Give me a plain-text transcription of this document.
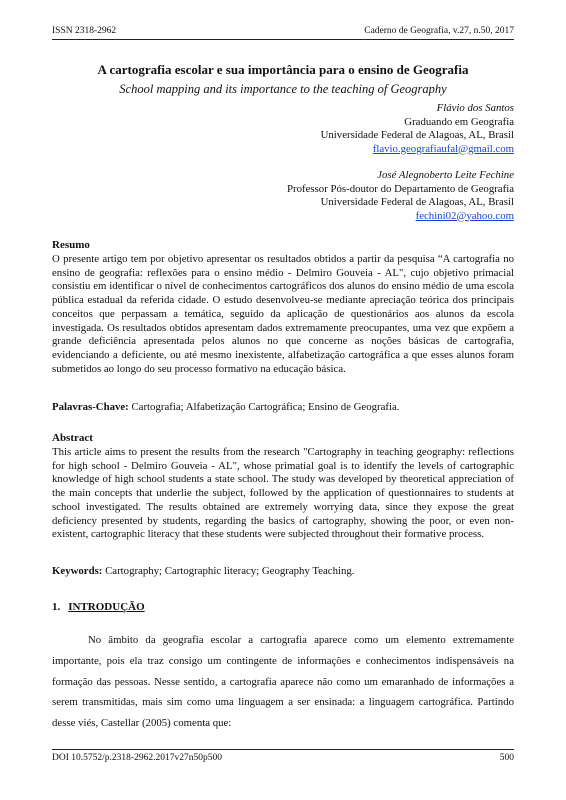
ISSN 2318-2962	Caderno de Geografia, v.27, n.50, 2017
A cartografia escolar e sua importância para o ensino de Geografia
School mapping and its importance to the teaching of Geography
Flávio dos Santos
Graduando em Geografia
Universidade Federal de Alagoas, AL, Brasil
flavio.geografiaufal@gmail.com
José Alegnoberto Leite Fechine
Professor Pós-doutor do Departamento de Geografia
Universidade Federal de Alagoas, AL, Brasil
fechini02@yahoo.com
Resumo

O presente artigo tem por objetivo apresentar os resultados obtidos a partir da pesquisa “A cartografia no ensino de geografia: reflexões para o ensino médio - Delmiro Gouveia - AL", cujo objetivo primacial consistiu em identificar o nível de conhecimentos cartográficos dos alunos do ensino médio de uma escola pública estadual da referida cidade. O estudo desenvolveu-se mediante apreciação teórica dos principais conceitos que perpassam a temática, seguido da aplicação de questionários aos alunos da escola investigada. Os resultados obtidos apresentam dados extremamente preocupantes, uma vez que expõem a grande deficiência apresentada pelos alunos no que concerne as noções básicas de cartografia, evidenciando a deficiente, ou até mesmo inexistente, alfabetização cartográfica a que esses alunos foram submetidos ao longo do seu processo formativo na educação básica.

Palavras-Chave: Cartografia; Alfabetização Cartográfica; Ensino de Geografia.
Abstract

This article aims to present the results from the research "Cartography in teaching geography: reflections for high school - Delmiro Gouveia - AL", whose primatial goal is to identify the levels of cartographic knowledge of high school students a state school. The study was developed by theoretical appreciation of the main concepts that underlie the subject, followed by the application of questionnaires to students at school investigated. The results obtained are extremely worrying data, since they expose the great deficiency presented by students, regarding the basics of cartography, showing the poor, or even non-existent, cartographic literacy that these students were subjected throughout their formative process.

Keywords: Cartography; Cartographic literacy; Geography Teaching.
1. INTRODUÇÃO

No âmbito da geografia escolar a cartografia aparece como um elemento extremamente importante, pois ela traz consigo um contingente de informações e conhecimentos indispensáveis na formação das pessoas. Nesse sentido, a cartografia aparece não como um emaranhado de informações a serem transmitidas, mais sim como uma linguagem a ser ensinada: a linguagem cartográfica. Partindo desse viés, Castellar (2005) comenta que:

DOI 10.5752/p.2318-2962.2017v27n50p500	500
